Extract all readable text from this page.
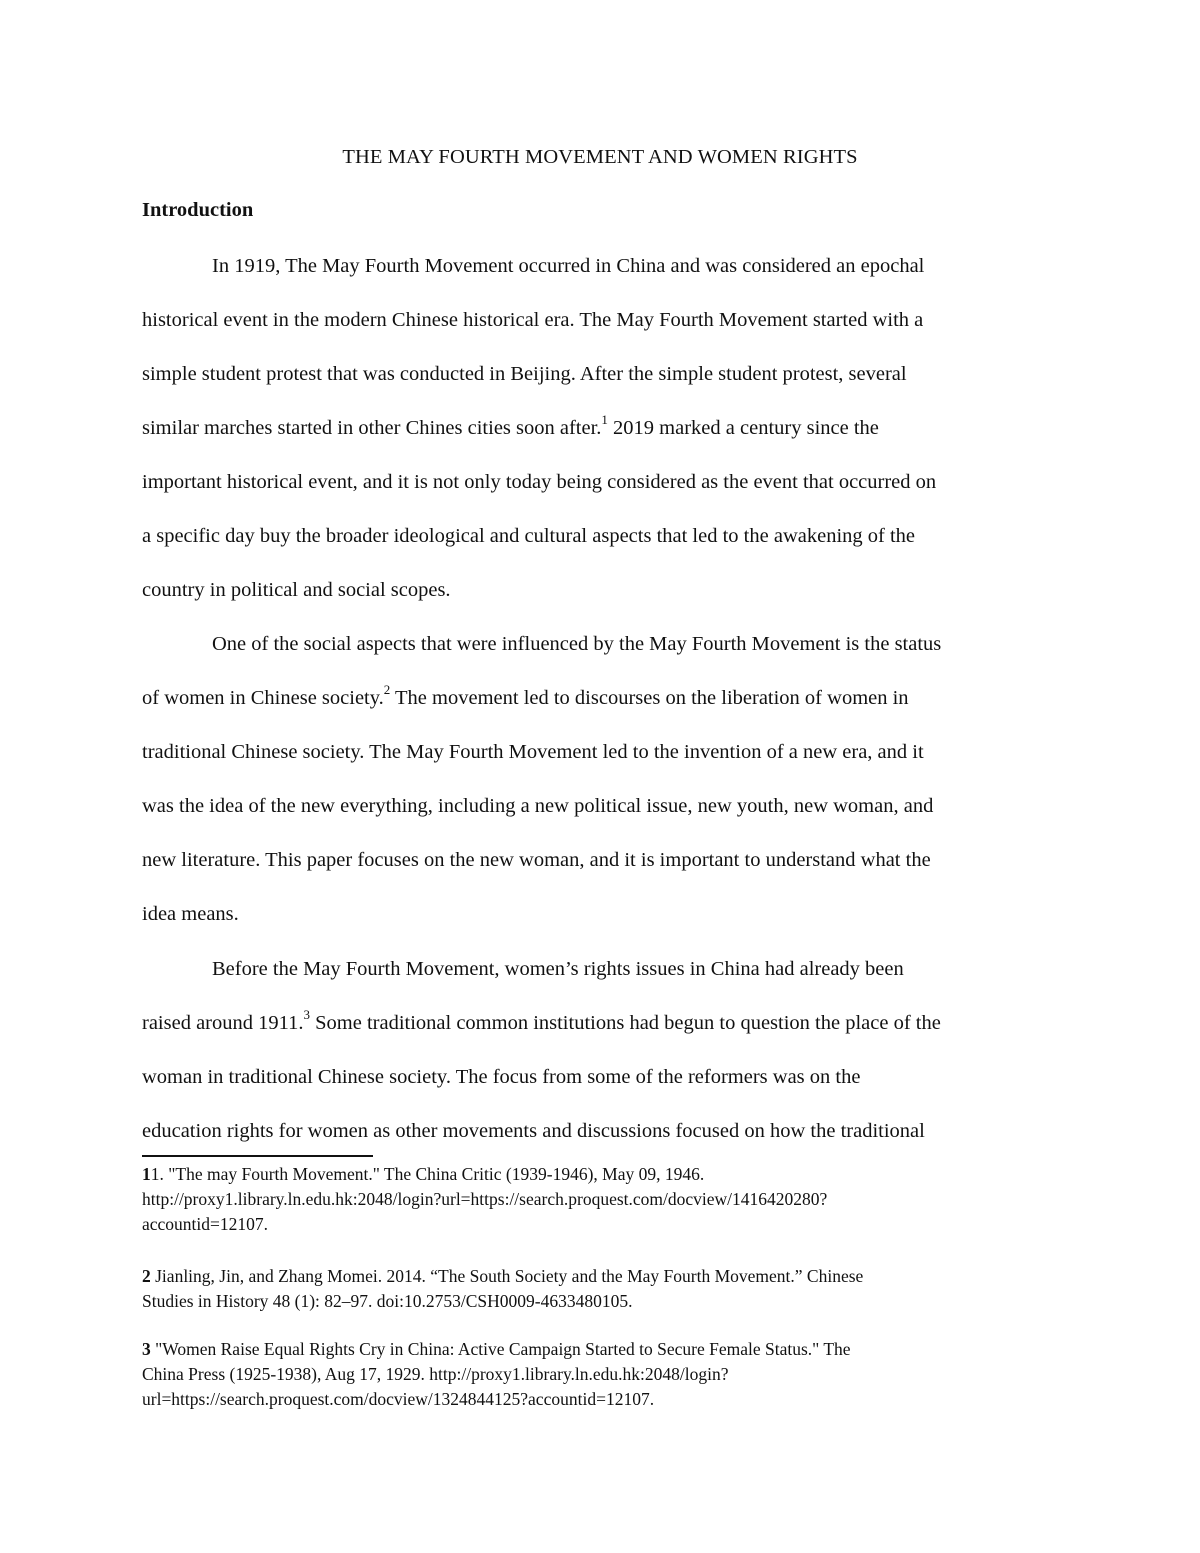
THE MAY FOURTH MOVEMENT AND WOMEN RIGHTS
Introduction
In 1919, The May Fourth Movement occurred in China and was considered an epochal
historical event in the modern Chinese historical era. The May Fourth Movement started with a
simple student protest that was conducted in Beijing. After the simple student protest, several
similar marches started in other Chines cities soon after.$^1$ 2019 marked a century since the
important historical event, and it is not only today being considered as the event that occurred on
a specific day buy the broader ideological and cultural aspects that led to the awakening of the
country in political and social scopes.
One of the social aspects that were influenced by the May Fourth Movement is the status
of women in Chinese society.$^2$ The movement led to discourses on the liberation of women in
traditional Chinese society. The May Fourth Movement led to the invention of a new era, and it
was the idea of the new everything, including a new political issue, new youth, new woman, and
new literature. This paper focuses on the new woman, and it is important to understand what the
idea means.
Before the May Fourth Movement, women’s rights issues in China had already been
raised around 1911.$^3$ Some traditional common institutions had begun to question the place of the
woman in traditional Chinese society. The focus from some of the reformers was on the
education rights for women as other movements and discussions focused on how the traditional
11. "The may Fourth Movement." The China Critic (1939-1946), May 09, 1946.
http://proxy1.library.ln.edu.hk:2048/login?url=https://search.proquest.com/docview/1416420280?
accountid=12107.
2 Jianling, Jin, and Zhang Momei. 2014. “The South Society and the May Fourth Movement.” Chinese
Studies in History 48 (1): 82–97. doi:10.2753/CSH0009-4633480105.
3 "Women Raise Equal Rights Cry in China: Active Campaign Started to Secure Female Status." The
China Press (1925-1938), Aug 17, 1929. http://proxy1.library.ln.edu.hk:2048/login?
url=https://search.proquest.com/docview/1324844125?accountid=12107.
